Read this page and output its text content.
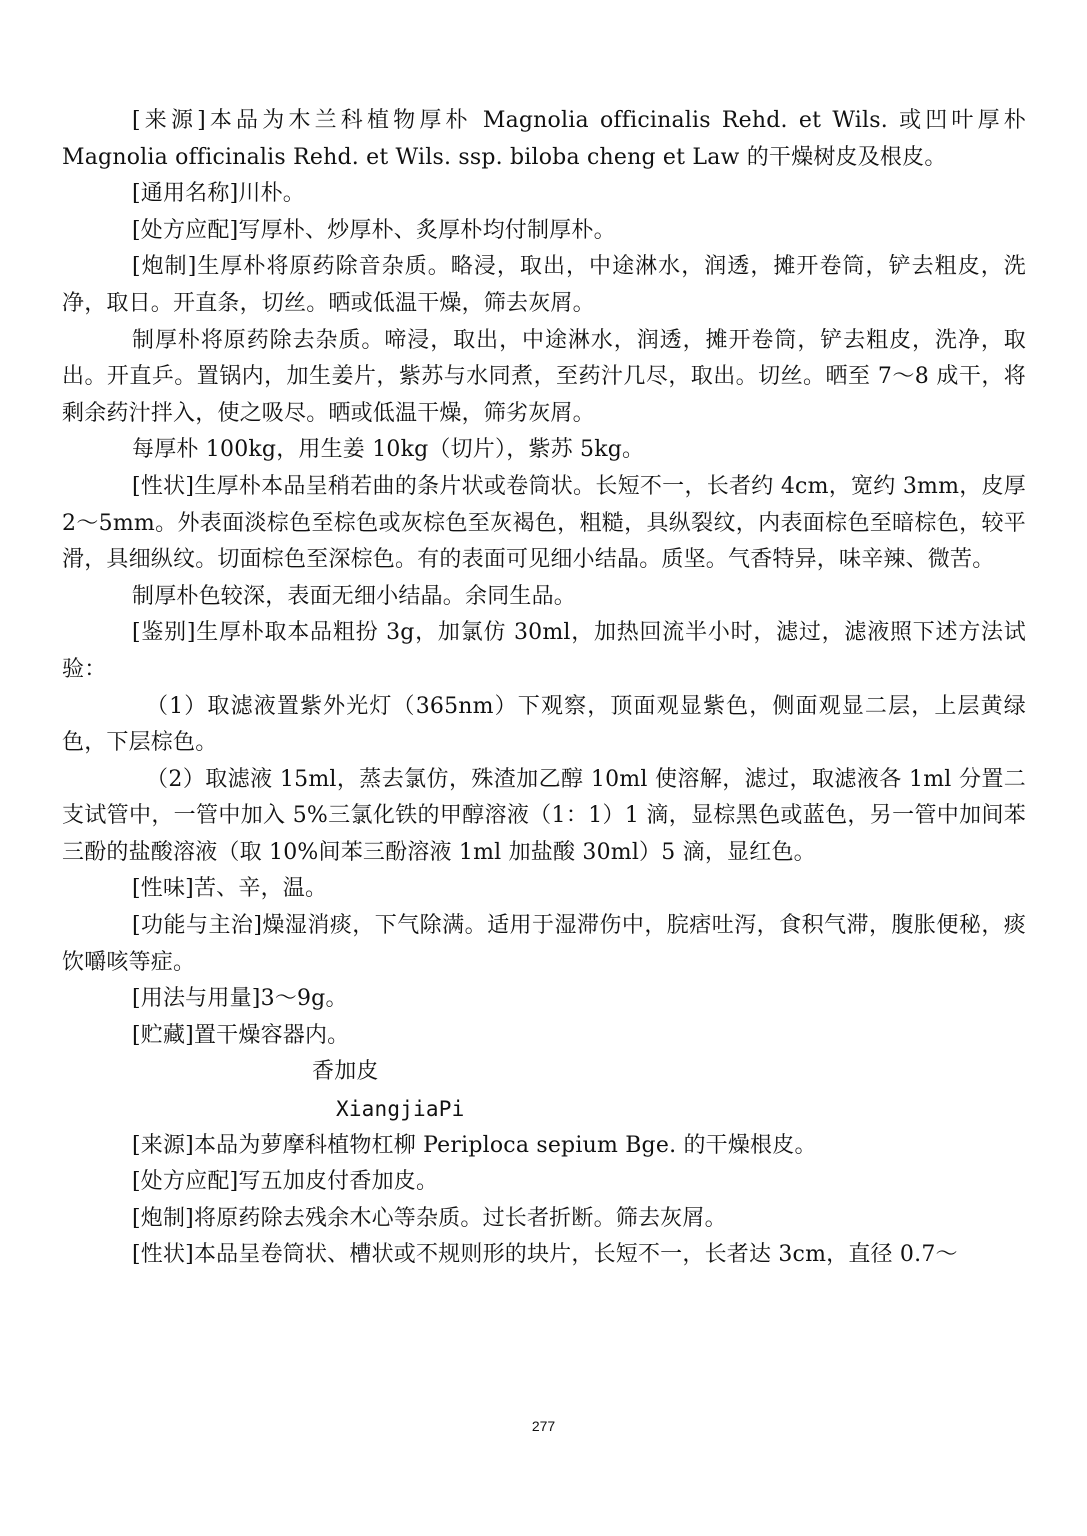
[来源]本品为木兰科植物厚朴 Magnolia officinalis Rehd. et Wils. 或凹叶厚朴 Magnolia officinalis Rehd. et Wils. ssp. biloba cheng et Law 的干燥树皮及根皮。

[通用名称]川朴。

[处方应配]写厚朴、炒厚朴、炙厚朴均付制厚朴。

[炮制]生厚朴将原药除音杂质。略浸，取出，中途淋水，润透，摊开卷筒，铲去粗皮，洗净，取日。开直条，切丝。晒或低温干燥，筛去灰屑。

制厚朴将原药除去杂质。啼浸，取出，中途淋水，润透，摊开卷筒，铲去粗皮，洗净，取出。开直乒。置锅内，加生姜片，紫苏与水同煮，至药汁几尽，取出。切丝。晒至 7～8 成干，将剩余药汁拌入，使之吸尽。晒或低温干燥，筛劣灰屑。

每厚朴 100kg，用生姜 10kg（切片），紫苏 5kg。

[性状]生厚朴本品呈稍若曲的条片状或卷筒状。长短不一，长者约 4cm，宽约 3mm，皮厚 2～5mm。外表面淡棕色至棕色或灰棕色至灰褐色，粗糙，具纵裂纹，内表面棕色至暗棕色，较平滑，具细纵纹。切面棕色至深棕色。有的表面可见细小结晶。质坚。气香特异，味辛辣、微苦。

制厚朴色较深，表面无细小结晶。余同生品。

[鉴别]生厚朴取本品粗扮 3g，加氯仿 30ml，加热回流半小时，滤过，滤液照下述方法试验：

（1）取滤液置紫外光灯（365nm）下观察，顶面观显紫色，侧面观显二层，上层黄绿色，下层棕色。

（2）取滤液 15ml，蒸去氯仿，殊渣加乙醇 10ml 使溶解，滤过，取滤液各 1ml 分置二支试管中，一管中加入 5%三氯化铁的甲醇溶液（1：1）1 滴，显棕黑色或蓝色，另一管中加间苯三酚的盐酸溶液（取 10%间苯三酚溶液 1ml 加盐酸 30ml）5 滴，显红色。

[性味]苦、辛，温。

[功能与主治]燥湿消痰，下气除满。适用于湿滞伤中，脘痞吐泻，食积气滞，腹胀便秘，痰饮嚼咳等症。

[用法与用量]3～9g。

[贮藏]置干燥容器内。

香加皮

XiangjiaPi

[来源]本品为萝摩科植物杠柳 Periploca sepium Bge. 的干燥根皮。

[处方应配]写五加皮付香加皮。

[炮制]将原药除去残余木心等杂质。过长者折断。筛去灰屑。

[性状]本品呈卷筒状、槽状或不规则形的块片，长短不一，长者达 3cm，直径 0.7～

277
